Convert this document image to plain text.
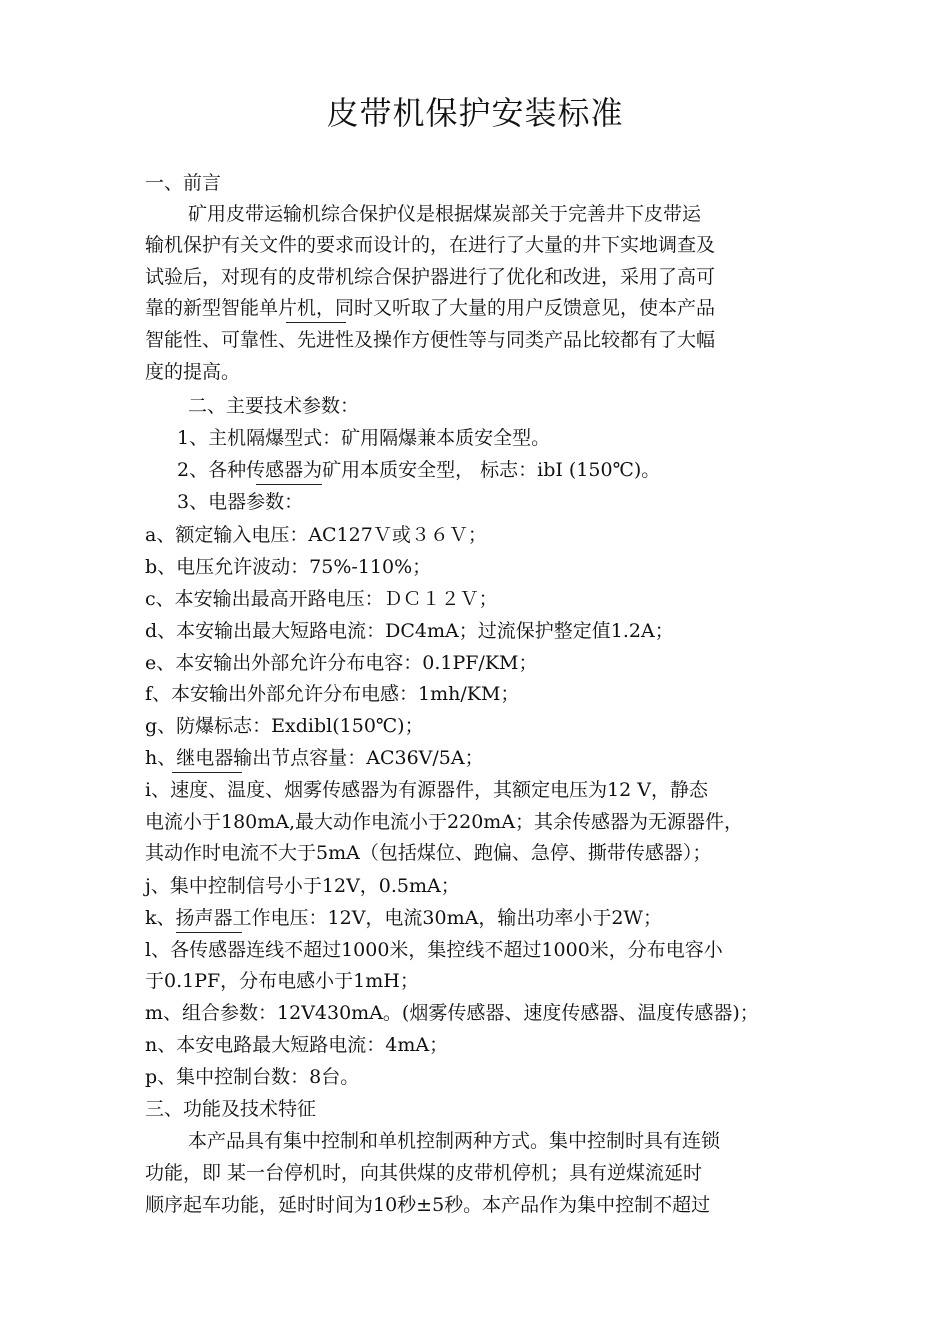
皮带机保护安装标准
一、前言
矿用皮带运输机综合保护仪是根据煤炭部关于完善井下皮带运
输机保护有关文件的要求而设计的，在进行了大量的井下实地调查及
试验后，对现有的皮带机综合保护器进行了优化和改进，采用了高可
靠的新型智能单片机，同时又听取了大量的用户反馈意见，使本产品
智能性、可靠性、先进性及操作方便性等与同类产品比较都有了大幅
度的提高。
二、主要技术参数：
1、主机隔爆型式：矿用隔爆兼本质安全型。
2、各种传感器为矿用本质安全型， 标志：ibI (150℃)。
3、电器参数：
a、额定输入电压：AC127Ｖ或３６Ｖ；
b、电压允许波动：75%-110%；
c、本安输出最高开路电压：ＤＣ１２Ｖ；
d、本安输出最大短路电流：DC4mA；过流保护整定值1.2A；
e、本安输出外部允许分布电容：0.1PF/KM；
f、本安输出外部允许分布电感：1mh/KM；
g、防爆标志：Exdibl(150℃)；
h、继电器输出节点容量：AC36V/5A；
i、速度、温度、烟雾传感器为有源器件，其额定电压为12 V，静态
电流小于180mA,最大动作电流小于220mA；其余传感器为无源器件，
其动作时电流不大于5mA（包括煤位、跑偏、急停、撕带传感器）；
j、集中控制信号小于12V，0.5mA；
k、扬声器工作电压：12V，电流30mA，输出功率小于2W；
l、各传感器连线不超过1000米，集控线不超过1000米，分布电容小
于0.1PF，分布电感小于1mH；
m、组合参数：12V430mA。(烟雾传感器、速度传感器、温度传感器)；
n、本安电路最大短路电流：4mA；
p、集中控制台数：8台。
三、功能及技术特征
本产品具有集中控制和单机控制两种方式。集中控制时具有连锁
功能，即 某一台停机时，向其供煤的皮带机停机；具有逆煤流延时
顺序起车功能，延时时间为10秒±5秒。本产品作为集中控制不超过
